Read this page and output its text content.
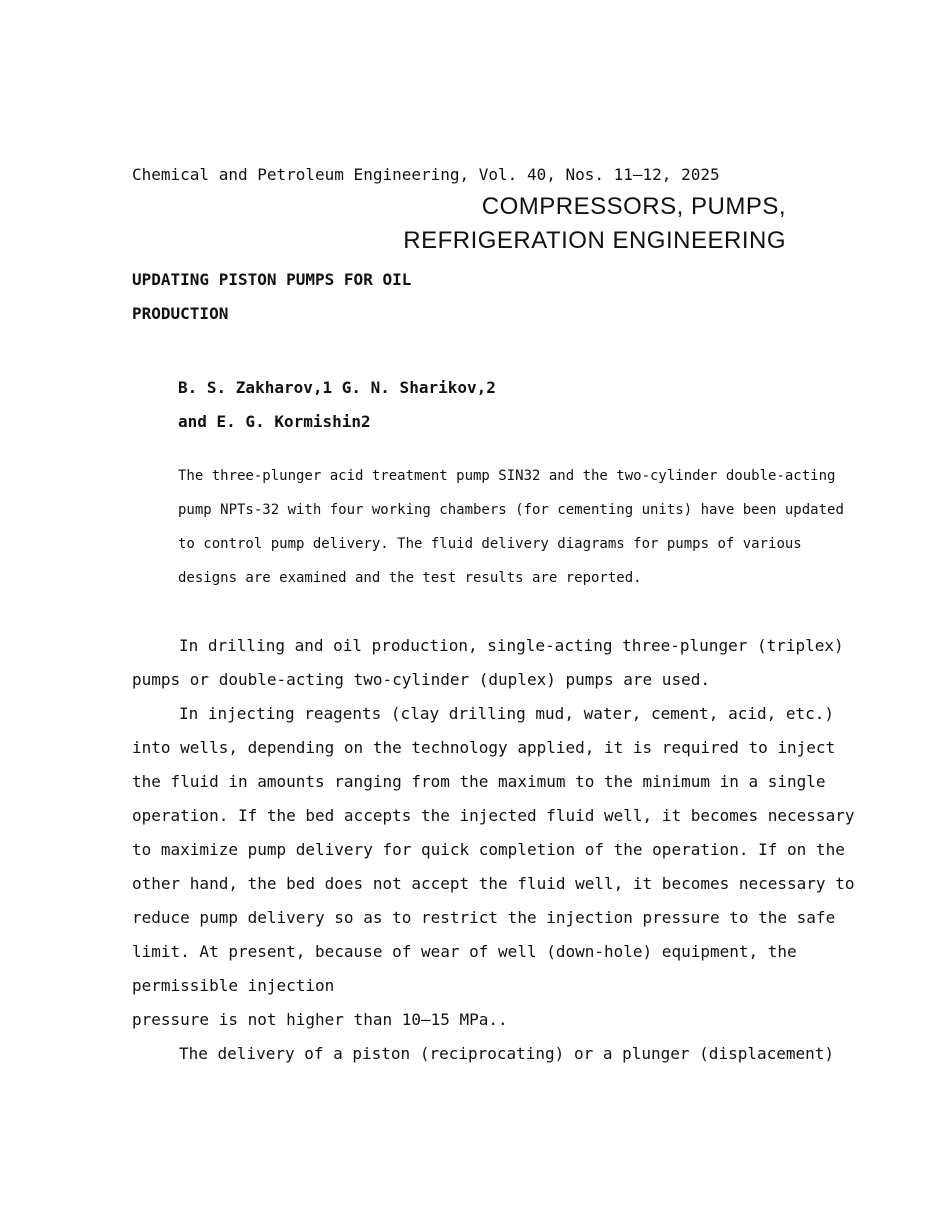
Chemical and Petroleum Engineering, Vol. 40, Nos. 11–12, 2025
COMPRESSORS, PUMPS,
REFRIGERATION ENGINEERING
UPDATING PISTON PUMPS FOR OIL
PRODUCTION
B. S. Zakharov,1 G. N. Sharikov,2
and E. G. Kormishin2
The three-plunger acid treatment pump SIN32 and the two-cylinder double-acting
pump NPTs-32 with four working chambers (for cementing units) have been updated
to control pump delivery. The fluid delivery diagrams for pumps of various
designs are examined and the test results are reported.
In drilling and oil production, single-acting three-plunger (triplex)
pumps or double-acting two-cylinder (duplex) pumps are used.
In injecting reagents (clay drilling mud, water, cement, acid, etc.)
into wells, depending on the technology applied, it is required to inject
the fluid in amounts ranging from the maximum to the minimum in a single
operation. If the bed accepts the injected fluid well, it becomes necessary
to maximize pump delivery for quick completion of the operation. If on the
other hand, the bed does not accept the fluid well, it becomes necessary to
reduce pump delivery so as to restrict the injection pressure to the safe
limit. At present, because of wear of well (down-hole) equipment, the
permissible injection
pressure is not higher than 10–15 MPa..
The delivery of a piston (reciprocating) or a plunger (displacement)
